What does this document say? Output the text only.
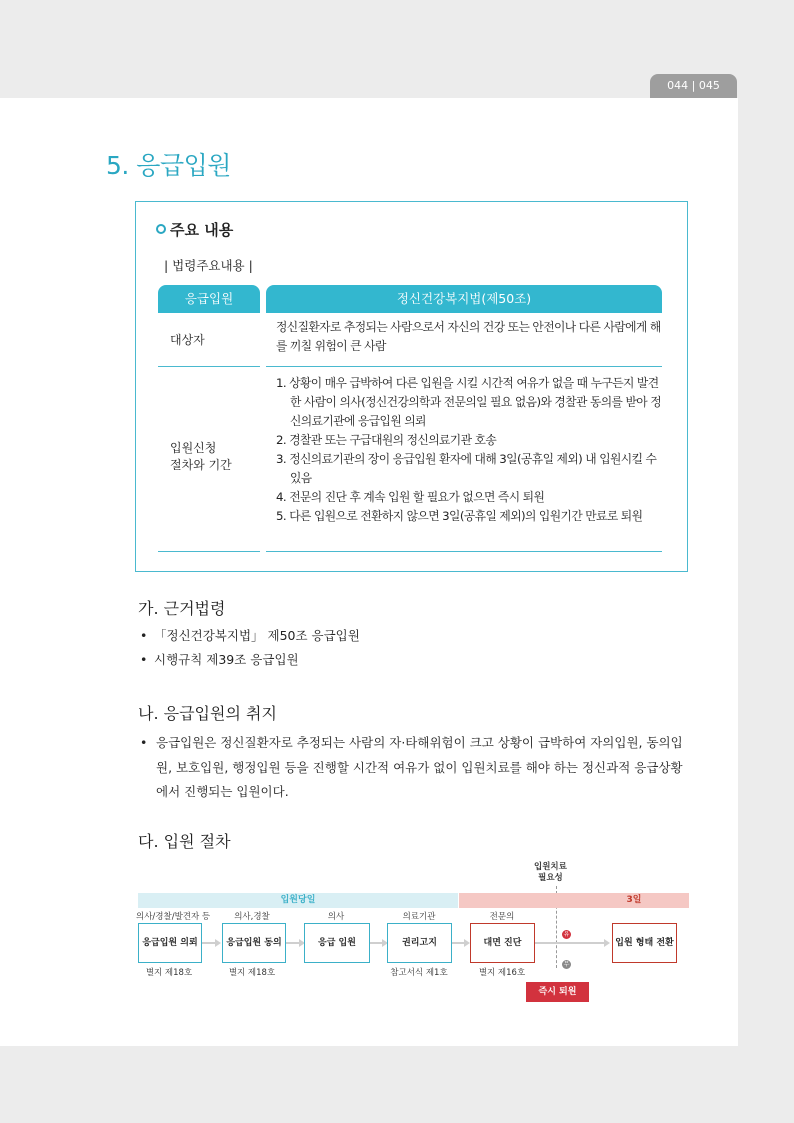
044 | 045
5. 응급입원
주요 내용
| 법령주요내용 |
응급입원	정신건강복지법(제50조)
대상자
정신질환자로 추정되는 사람으로서 자신의 건강 또는 안전이나 다른 사람에게 해를 끼칠 위험이 큰 사람
입원신청
절차와 기간
1. 상황이 매우 급박하여 다른 입원을 시킬 시간적 여유가 없을 때 누구든지 발견한 사람이 의사(정신건강의학과 전문의일 필요 없음)와 경찰관 동의를 받아 정신의료기관에 응급입원 의뢰
2. 경찰관 또는 구급대원의 정신의료기관 호송
3. 정신의료기관의 장이 응급입원 환자에 대해 3일(공휴일 제외) 내 입원시킬 수 있음
4. 전문의 진단 후 계속 입원 할 필요가 없으면 즉시 퇴원
5. 다른 입원으로 전환하지 않으면 3일(공휴일 제외)의 입원기간 만료로 퇴원
가. 근거법령
• 「정신건강복지법」 제50조 응급입원
• 시행규칙 제39조 응급입원
나. 응급입원의 취지
• 응급입원은 정신질환자로 추정되는 사람의 자·타해위험이 크고 상황이 급박하여 자의입원, 동의입원, 보호입원, 행정입원 등을 진행할 시간적 여유가 없이 입원치료를 해야 하는 정신과적 응급상황에서 진행되는 입원이다.
다. 입원 절차
입원치료
필요성
입원당일	3일
의사/경찰/발견자 등	의사,경찰	의사	의료기관	전문의
응급입원 의뢰	응급입원 동의	응급 입원	권리고지	대면 진단	입원 형태 전환
유
무
별지 제18호	별지 제18호	참고서식 제1호	별지 제16호
즉시 퇴원
